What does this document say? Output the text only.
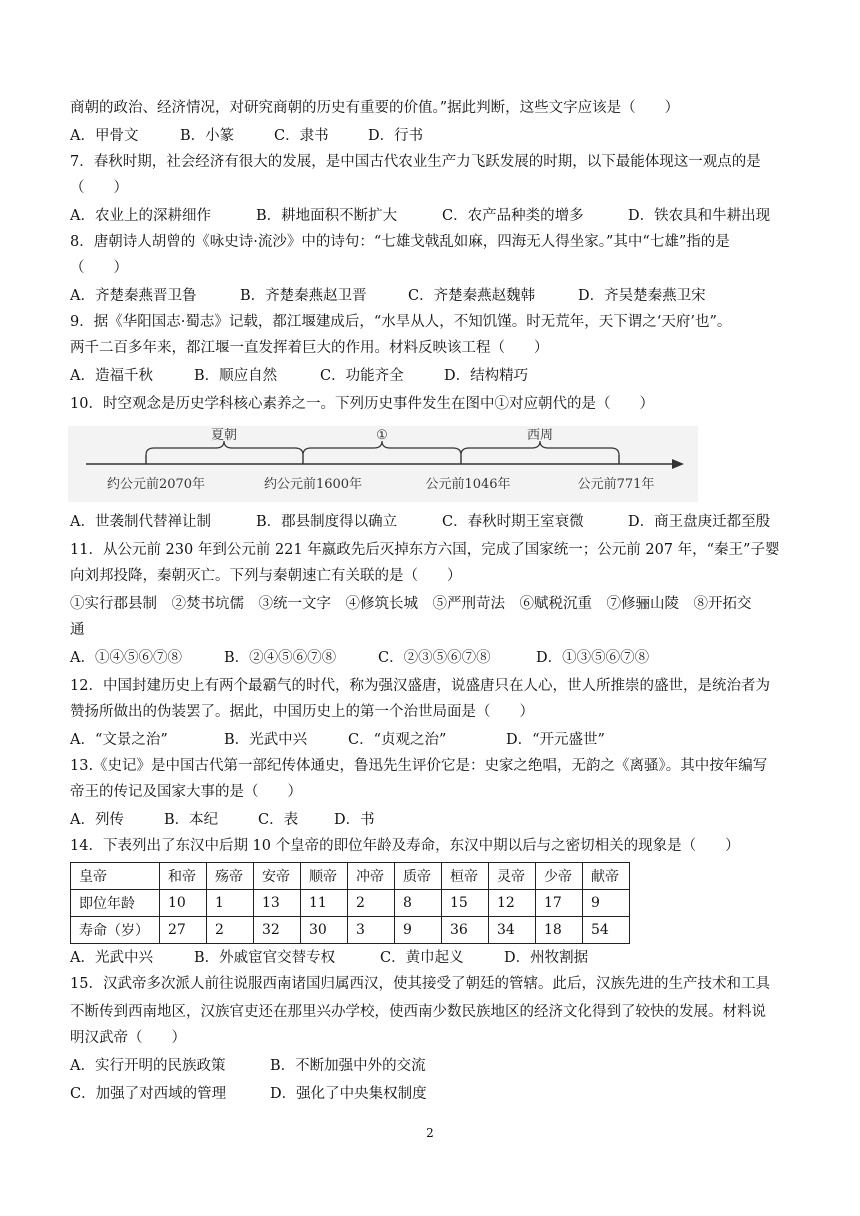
商朝的政治、经济情况，对研究商朝的历史有重要的价值。”据此判断，这些文字应该是（　　）
A．甲骨文	B．小篆	C．隶书	D．行书
7．春秋时期，社会经济有很大的发展，是中国古代农业生产力飞跃发展的时期，以下最能体现这一观点的是
（　　）
A．农业上的深耕细作	B．耕地面积不断扩大	C．农产品种类的增多	D．铁农具和牛耕出现
8．唐朝诗人胡曾的《咏史诗·流沙》中的诗句：“七雄戈戟乱如麻，四海无人得坐家。”其中“七雄”指的是
（　　）
A．齐楚秦燕晋卫鲁	B．齐楚秦燕赵卫晋	C．齐楚秦燕赵魏韩	D．齐吴楚秦燕卫宋
9．据《华阳国志·蜀志》记载，都江堰建成后，“水旱从人，不知饥馑。时无荒年，天下谓之‘天府’也”。
两千二百多年来，都江堰一直发挥着巨大的作用。材料反映该工程（　　）
A．造福千秋	B．顺应自然	C．功能齐全	D．结构精巧
10．时空观念是历史学科核心素养之一。下列历史事件发生在图中①对应朝代的是（　　）
夏朝	①	西周
约公元前2070年	约公元前1600年	公元前1046年	公元前771年
A．世袭制代替禅让制	B．郡县制度得以确立	C．春秋时期王室衰微	D．商王盘庚迁都至殷
11．从公元前 230 年到公元前 221 年嬴政先后灭掉东方六国，完成了国家统一；公元前 207 年，“秦王”子婴
向刘邦投降，秦朝灭亡。下列与秦朝速亡有关联的是（　　）
①实行郡县制　②焚书坑儒　③统一文字　④修筑长城　⑤严刑苛法　⑥赋税沉重　⑦修骊山陵　⑧开拓交
通
A．①④⑤⑥⑦⑧	B．②④⑤⑥⑦⑧	C．②③⑤⑥⑦⑧	D．①③⑤⑥⑦⑧
12．中国封建历史上有两个最霸气的时代，称为强汉盛唐，说盛唐只在人心，世人所推崇的盛世，是统治者为
赞扬所做出的伪装罢了。据此，中国历史上的第一个治世局面是（　　）
A．“文景之治”	B．光武中兴	C．“贞观之治”	D．“开元盛世”
13.《史记》是中国古代第一部纪传体通史，鲁迅先生评价它是：史家之绝唱，无韵之《离骚》。其中按年编写
帝王的传记及国家大事的是（　　）
A．列传	B．本纪	C．表	D．书
14．下表列出了东汉中后期 10 个皇帝的即位年龄及寿命，东汉中期以后与之密切相关的现象是（　　）
皇帝	和帝	殇帝	安帝	顺帝	冲帝	质帝	桓帝	灵帝	少帝	献帝
即位年龄	10	1	13	11	2	8	15	12	17	9
寿命（岁）	27	2	32	30	3	9	36	34	18	54
A．光武中兴	B．外戚宦官交替专权	C．黄巾起义	D．州牧割据
15．汉武帝多次派人前往说服西南诸国归属西汉，使其接受了朝廷的管辖。此后，汉族先进的生产技术和工具
不断传到西南地区，汉族官吏还在那里兴办学校，使西南少数民族地区的经济文化得到了较快的发展。材料说
明汉武帝（　　）
A．实行开明的民族政策	B．不断加强中外的交流
C．加强了对西域的管理	D．强化了中央集权制度
2
